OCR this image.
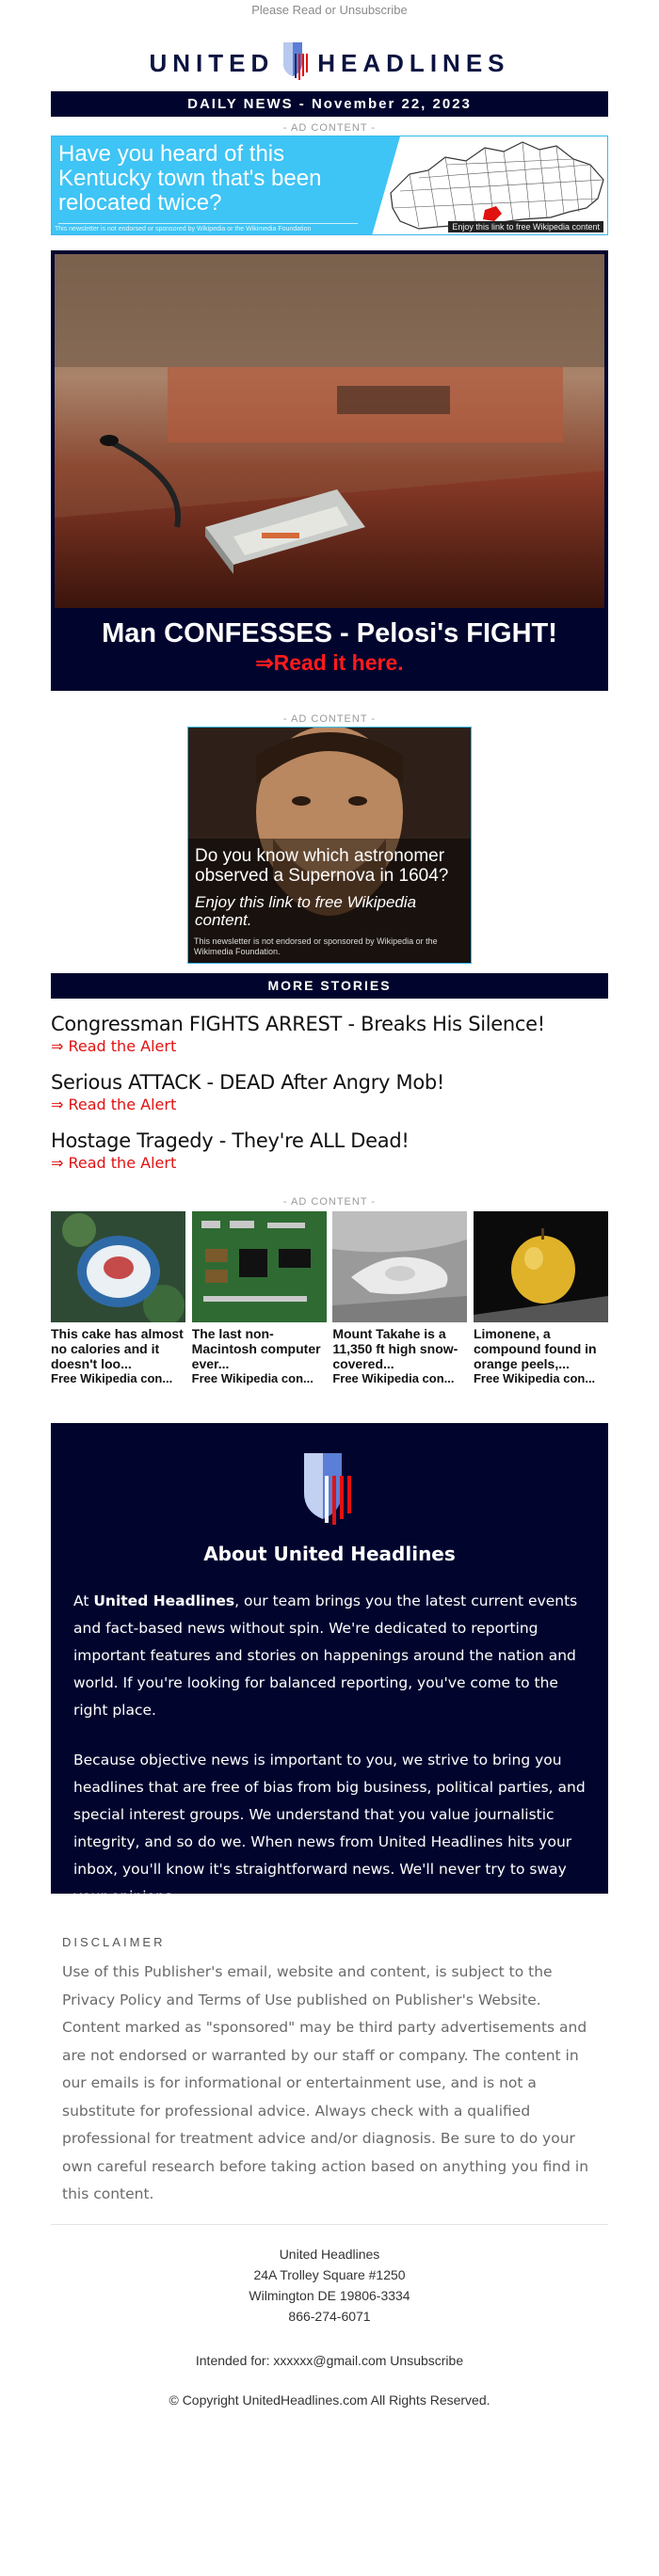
Please Read or Unsubscribe
UNITED HEADLINES
DAILY NEWS - November 22, 2023
- AD CONTENT -
Have you heard of this Kentucky town that's been relocated twice?
This newsletter is not endorsed or sponsored by Wikipedia or the Wikimedia Foundation	Enjoy this link to free Wikipedia content
Man CONFESSES - Pelosi's FIGHT!
⇒Read it here.
- AD CONTENT -
Do you know which astronomer observed a Supernova in 1604?
Enjoy this link to free Wikipedia content.
This newsletter is not endorsed or sponsored by Wikipedia or the Wikimedia Foundation.
MORE STORIES
Congressman FIGHTS ARREST - Breaks His Silence!
⇒ Read the Alert
Serious ATTACK - DEAD After Angry Mob!
⇒ Read the Alert
Hostage Tragedy - They're ALL Dead!
⇒ Read the Alert
- AD CONTENT -
This cake has almost no calories and it doesn't loo...
Free Wikipedia con...
The last non-Macintosh computer ever...
Free Wikipedia con...
Mount Takahe is a 11,350 ft high snow-covered...
Free Wikipedia con...
Limonene, a compound found in orange peels,...
Free Wikipedia con...
About United Headlines

At United Headlines, our team brings you the latest current events and fact-based news without spin. We're dedicated to reporting important features and stories on happenings around the nation and world. If you're looking for balanced reporting, you've come to the right place.

Because objective news is important to you, we strive to bring you headlines that are free of bias from big business, political parties, and special interest groups. We understand that you value journalistic integrity, and so do we. When news from United Headlines hits your inbox, you'll know it's straightforward news. We'll never try to sway your opinions.

DISCLAIMER
Use of this Publisher's email, website and content, is subject to the Privacy Policy and Terms of Use published on Publisher's Website. Content marked as "sponsored" may be third party advertisements and are not endorsed or warranted by our staff or company. The content in our emails is for informational or entertainment use, and is not a substitute for professional advice. Always check with a qualified professional for treatment advice and/or diagnosis. Be sure to do your own careful research before taking action based on anything you find in this content.
United Headlines
24A Trolley Square #1250
Wilmington DE 19806-3334
866-274-6071
Intended for: xxxxxx@gmail.com Unsubscribe
© Copyright UnitedHeadlines.com All Rights Reserved.
